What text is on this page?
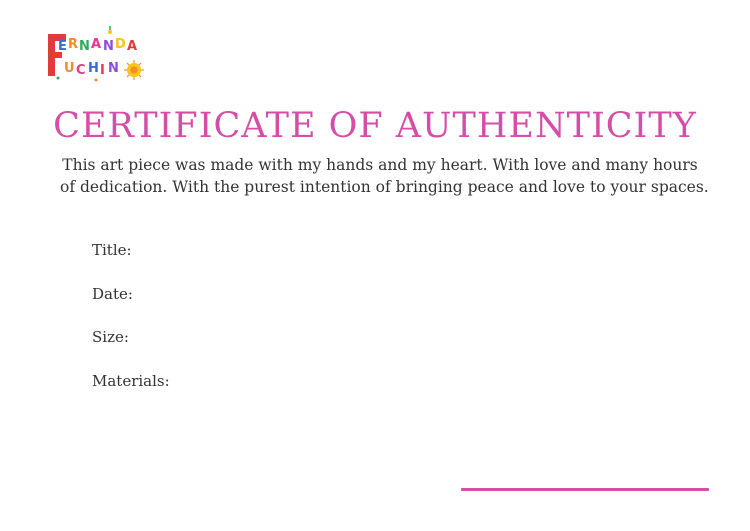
E R N A N D A
U C H I N
CERTIFICATE OF AUTHENTICITY
This art piece was made with my hands and my heart. With love and many hours
of dedication. With the purest intention of bringing peace and love to your spaces.
Title:
Date:
Size:
Materials:
